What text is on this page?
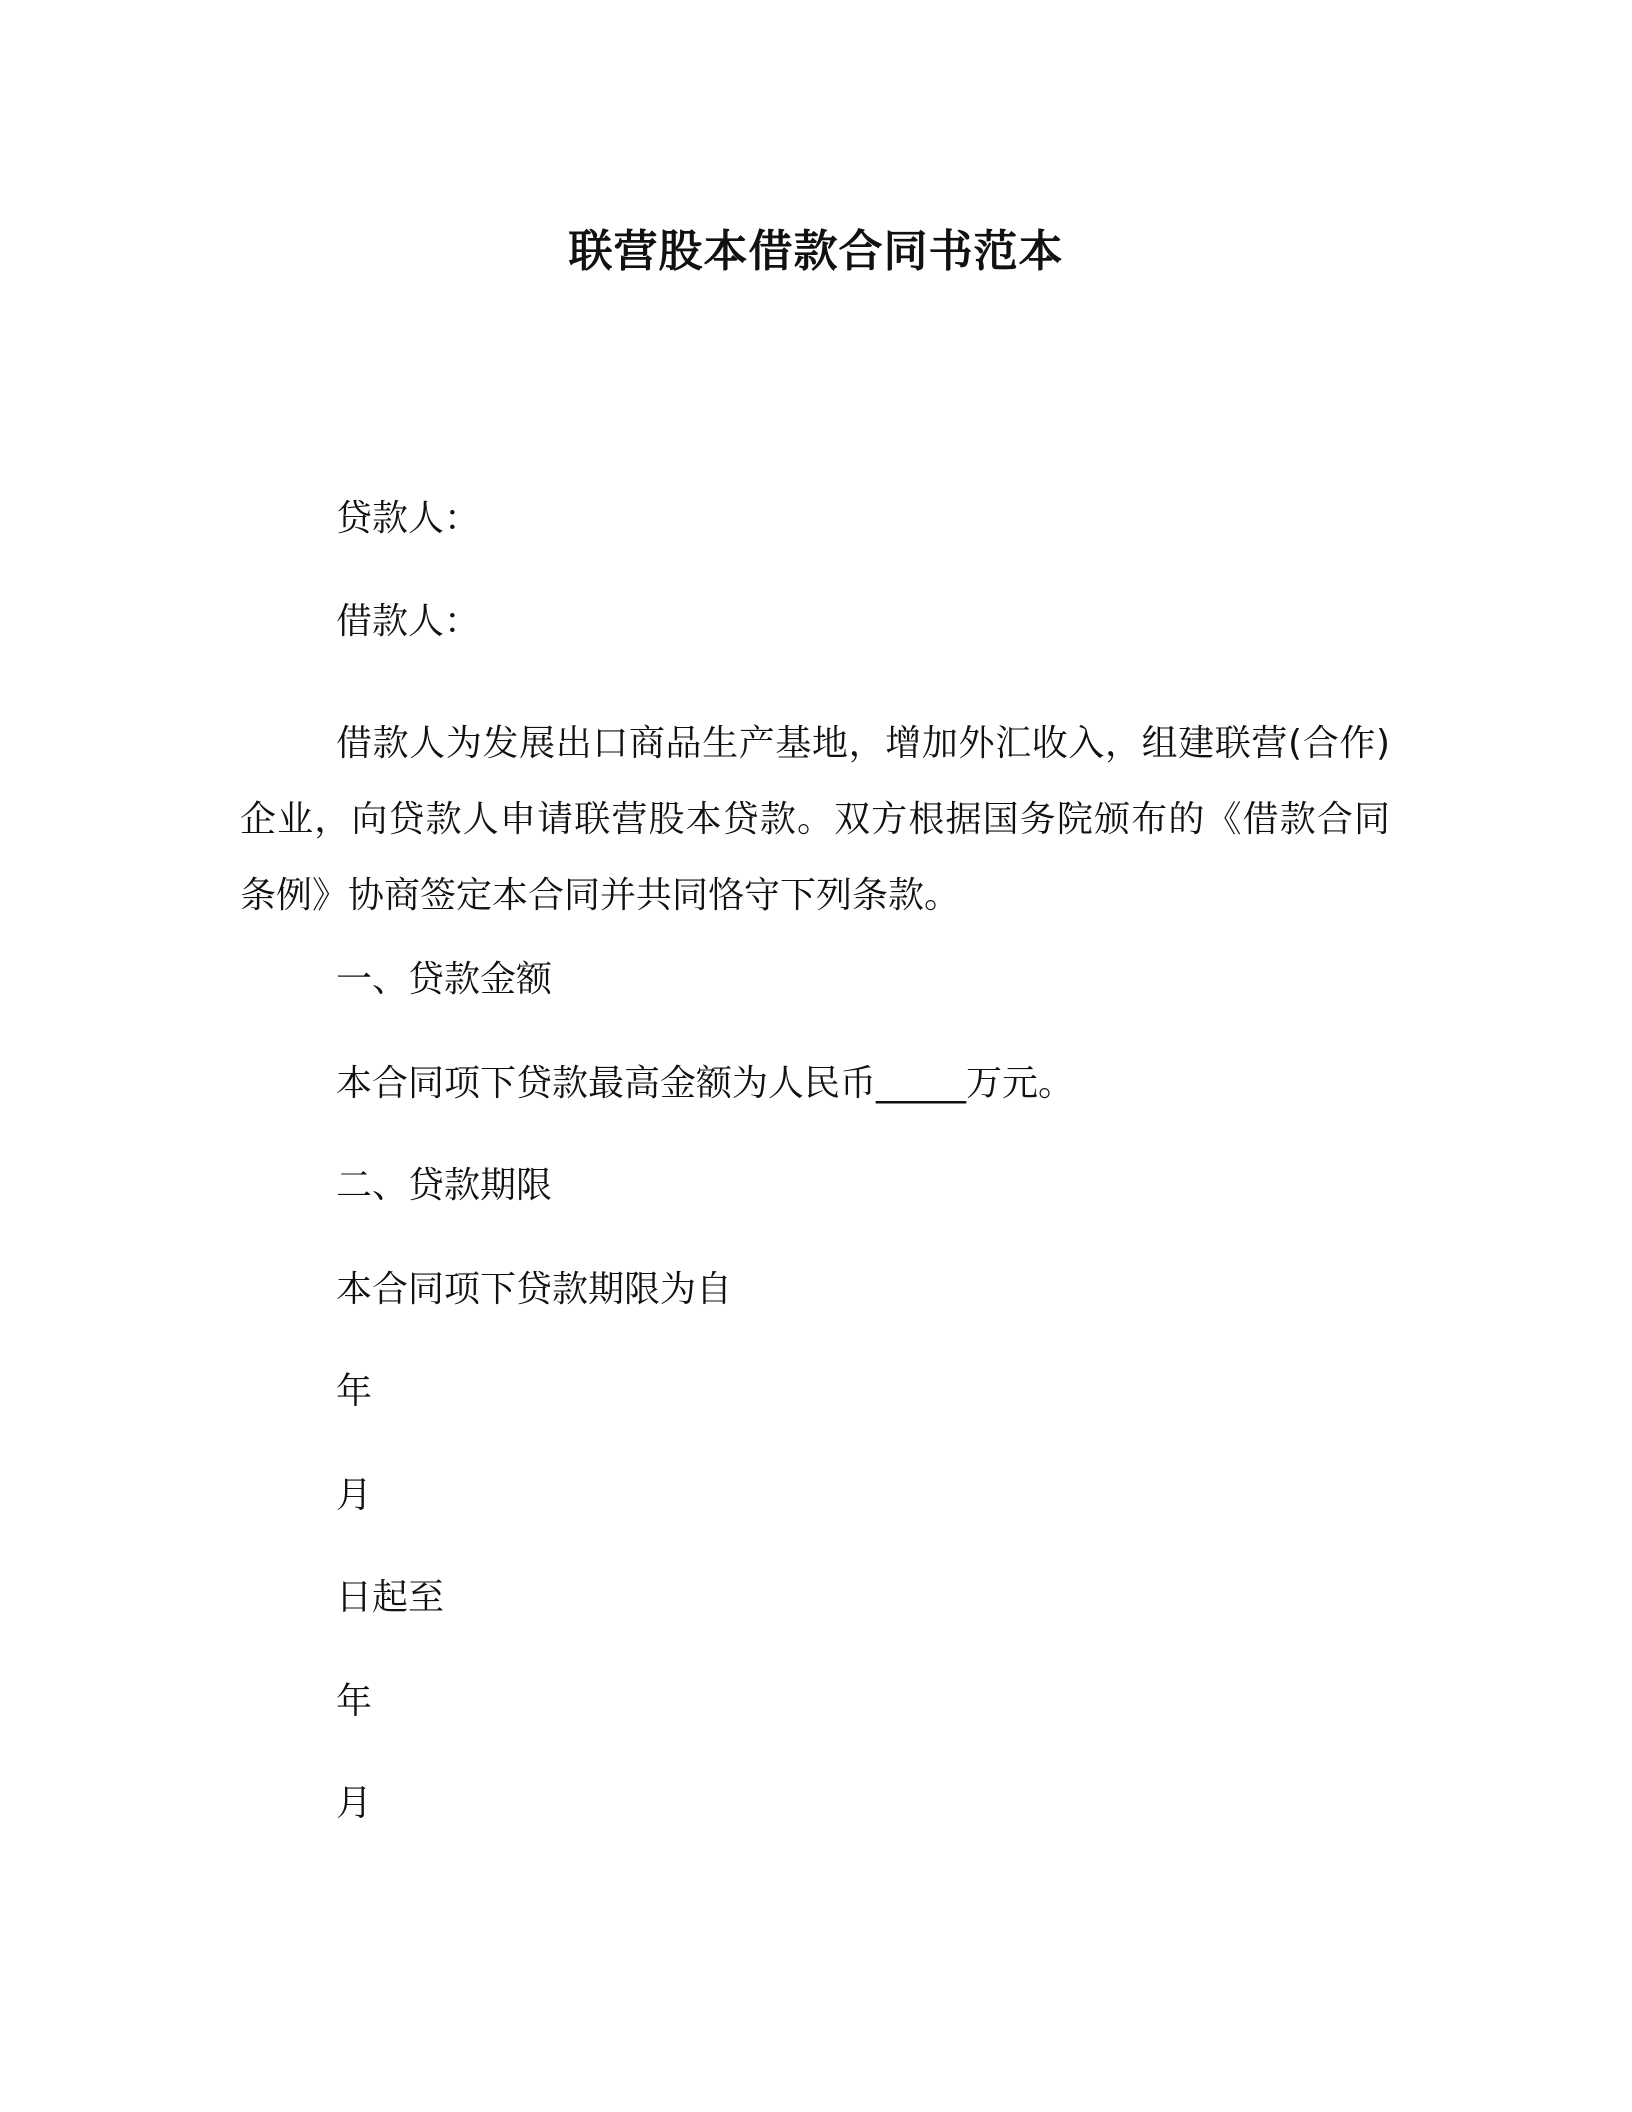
联营股本借款合同书范本

贷款人：

借款人：

借款人为发展出口商品生产基地，增加外汇收入，组建联营(合作)企业，向贷款人申请联营股本贷款。双方根据国务院颁布的《借款合同条例》协商签定本合同并共同恪守下列条款。

一、贷款金额

本合同项下贷款最高金额为人民币_____万元。

二、贷款期限

本合同项下贷款期限为自

年

月

日起至

年

月
